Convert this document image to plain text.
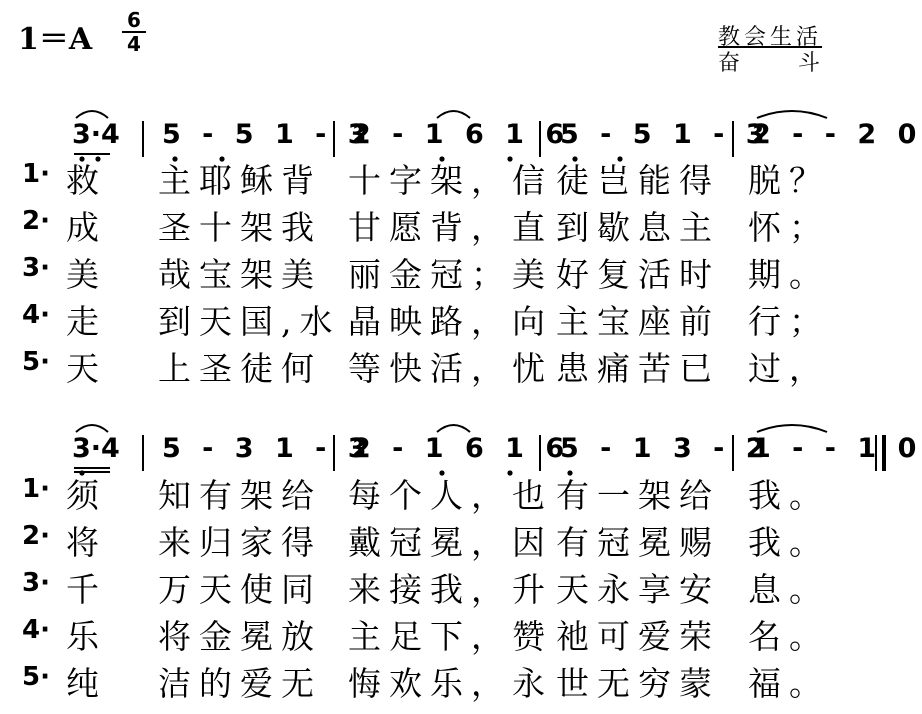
1＝A
6
4	教会生活
奋斗
3·4 5 - 5 1 - 3
2 - 1 6 1 6
5 - 5 1 - 3
2 - - 2 0
1· 救 主耶稣背 十字架，信 徒岂能得 脱？
2· 成 圣十架我 甘愿背，直 到歇息主 怀；
3· 美 哉宝架美 丽金冠；美 好复活时 期。
4· 走 到天国,水 晶映路，向 主宝座前 行；
5· 天 上圣徒何 等快活，忧 患痛苦已 过，
3·4 5 - 3 1 - 3
2 - 1 6 1 6
5 - 1 3 - 2
1 - - 1 0
1· 须 知有架给 每个人，也 有一架给 我。
2· 将 来归家得 戴冠冕，因 有冠冕赐 我。
3· 千 万天使同 来接我，升 天永享安 息。
4· 乐 将金冕放 主足下，赞 祂可爱荣 名。
5· 纯 洁的爱无 悔欢乐，永 世无穷蒙 福。
